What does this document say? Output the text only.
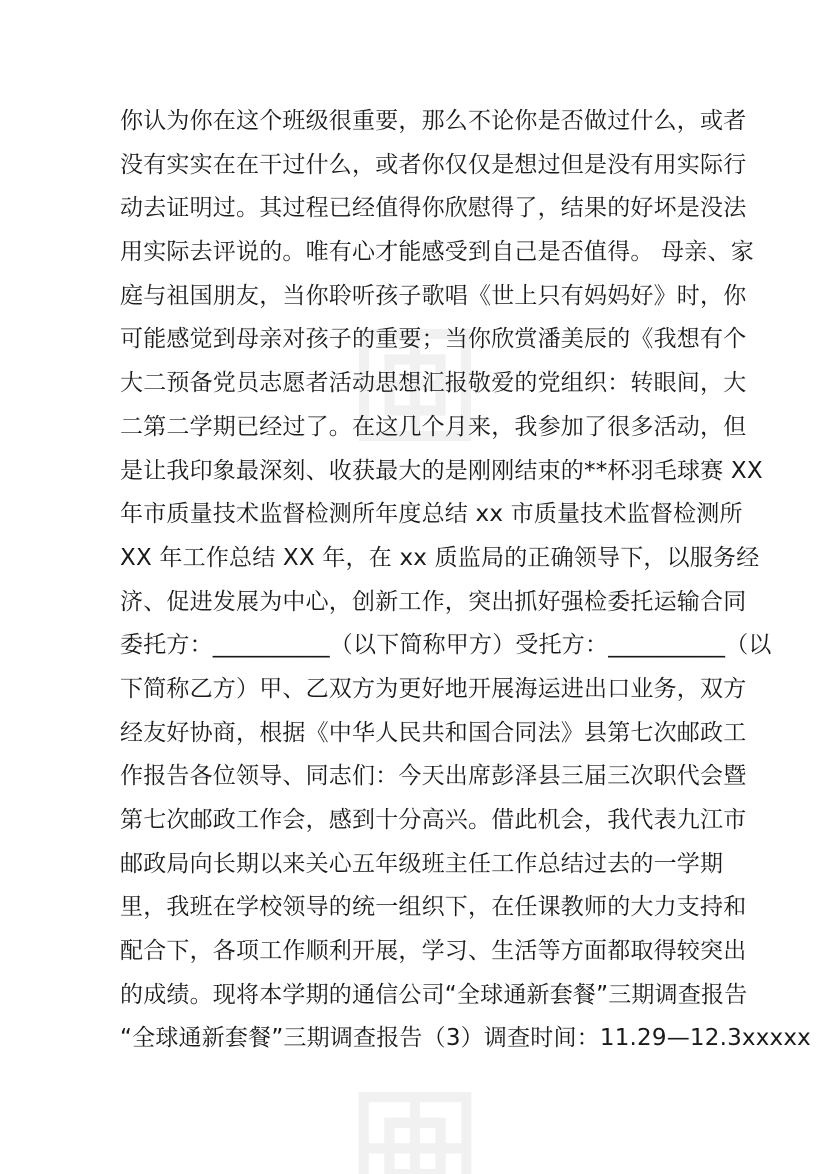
你认为你在这个班级很重要，那么不论你是否做过什么，或者
没有实实在在干过什么，或者你仅仅是想过但是没有用实际行
动去证明过。其过程已经值得你欣慰得了，结果的好坏是没法
用实际去评说的。唯有心才能感受到自己是否值得。 母亲、家
庭与祖国朋友，当你聆听孩子歌唱《世上只有妈妈好》时，你
可能感觉到母亲对孩子的重要；当你欣赏潘美辰的《我想有个
大二预备党员志愿者活动思想汇报敬爱的党组织：转眼间，大
二第二学期已经过了。在这几个月来，我参加了很多活动，但
是让我印象最深刻、收获最大的是刚刚结束的**杯羽毛球赛 XX
年市质量技术监督检测所年度总结 xx 市质量技术监督检测所
XX 年工作总结 XX 年，在 xx 质监局的正确领导下，以服务经
济、促进发展为中心，创新工作，突出抓好强检委托运输合同
委托方：__________（以下简称甲方）受托方：__________（以
下简称乙方）甲、乙双方为更好地开展海运进出口业务，双方
经友好协商，根据《中华人民共和国合同法》县第七次邮政工
作报告各位领导、同志们：今天出席彭泽县三届三次职代会暨
第七次邮政工作会，感到十分高兴。借此机会，我代表九江市
邮政局向长期以来关心五年级班主任工作总结过去的一学期
里，我班在学校领导的统一组织下，在任课教师的大力支持和
配合下，各项工作顺利开展，学习、生活等方面都取得较突出
的成绩。现将本学期的通信公司“全球通新套餐”三期调查报告
“全球通新套餐”三期调查报告（3）调查时间：11.29—12.3xxxxx
